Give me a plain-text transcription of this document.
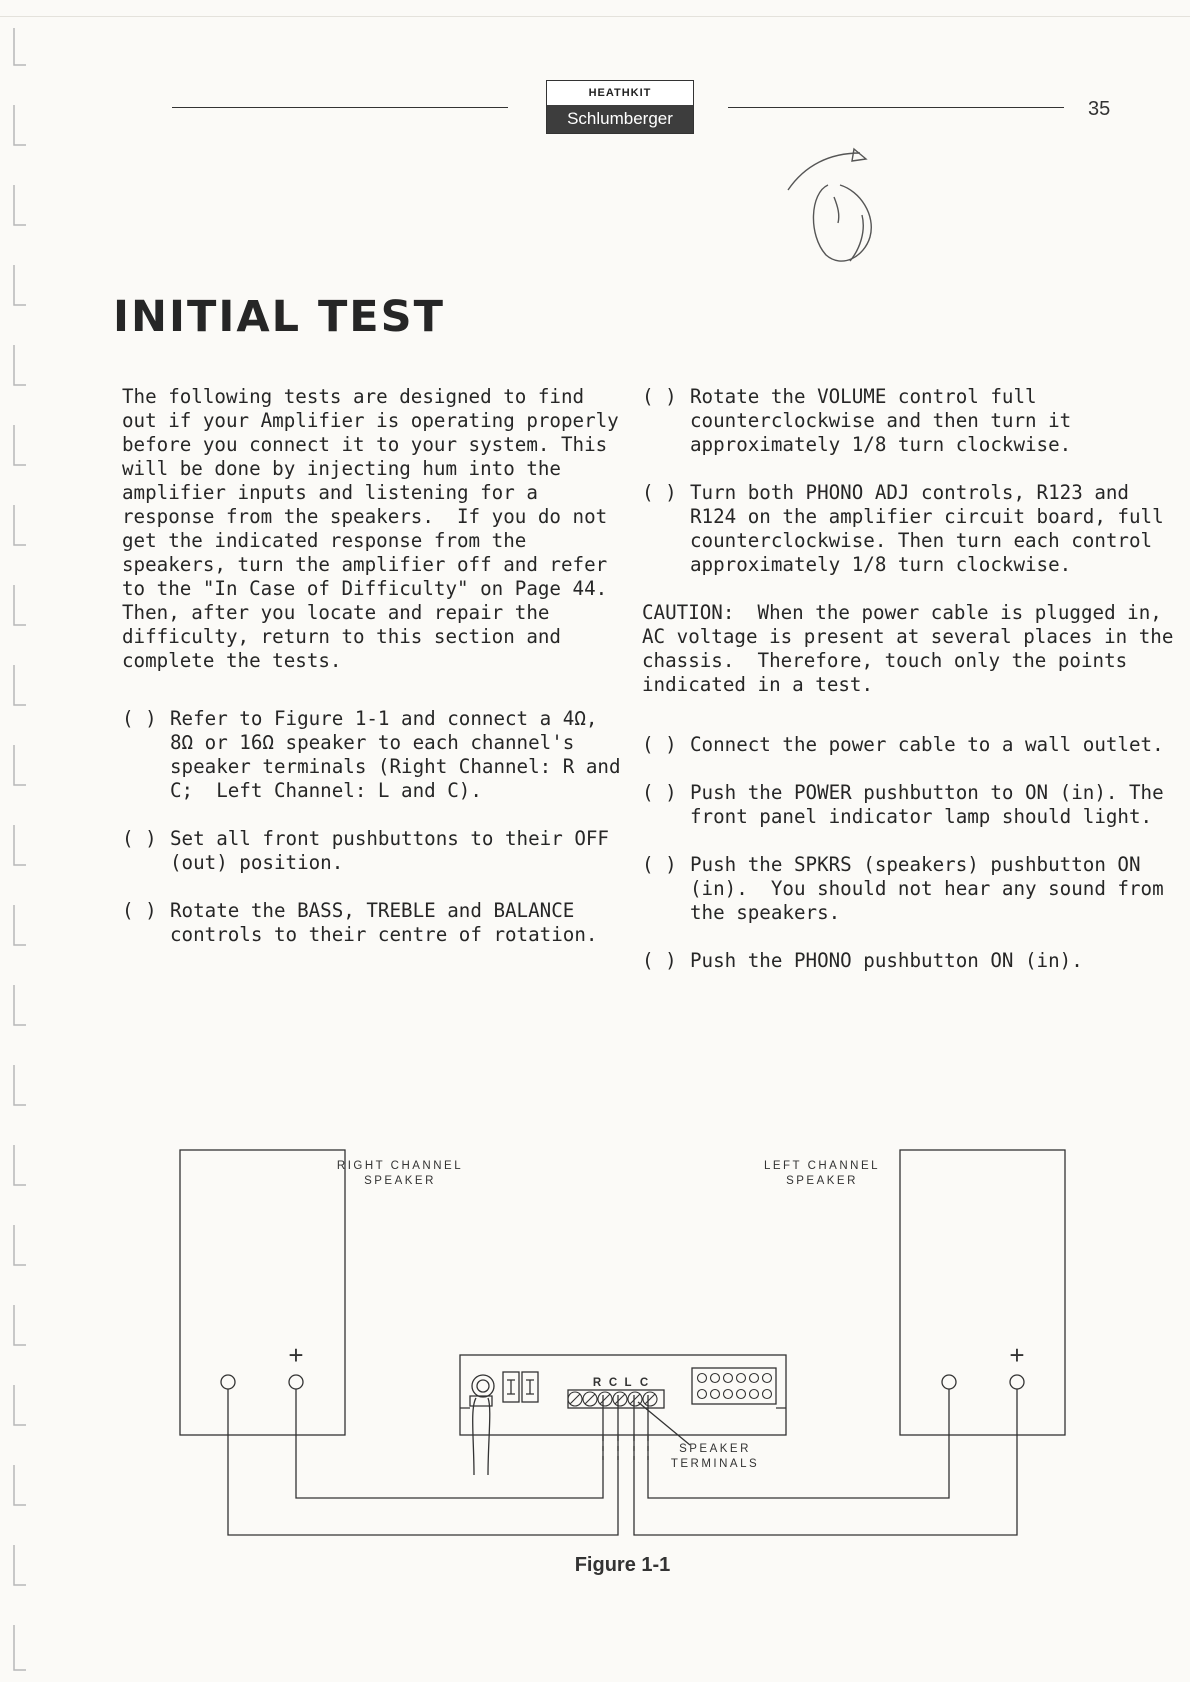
HEATHKIT
Schlumberger	35
INITIAL TEST

The following tests are designed to find out if your Amplifier is operating properly before you connect it to your system. This will be done by injecting hum into the amplifier inputs and listening for a response from the speakers.  If you do not get the indicated response from the speakers, turn the amplifier off and refer to the "In Case of Difficulty" on Page 44. Then, after you locate and repair the difficulty, return to this section and complete the tests.

( ) Refer to Figure 1-1 and connect a 4Ω, 8Ω or 16Ω speaker to each channel's speaker terminals (Right Channel: R and C;  Left Channel: L and C).
( ) Set all front pushbuttons to their OFF (out) position.
( ) Rotate the BASS, TREBLE and BALANCE controls to their centre of rotation.
( ) Rotate the VOLUME control full counterclockwise and then turn it approximately 1/8 turn clockwise.
( ) Turn both PHONO ADJ controls, R123 and R124 on the amplifier circuit board, full counterclockwise. Then turn each control approximately 1/8 turn clockwise.

CAUTION:  When the power cable is plugged in, AC voltage is present at several places in the chassis.  Therefore, touch only the points indicated in a test.

( ) Connect the power cable to a wall outlet.
( ) Push the POWER pushbutton to ON (in). The front panel indicator lamp should light.
( ) Push the SPKRS (speakers) pushbutton ON (in).  You should not hear any sound from the speakers.
( ) Push the PHONO pushbutton ON (in).
RIGHT CHANNEL
SPEAKER
LEFT CHANNEL
SPEAKER
R C L C
SPEAKER
TERMINALS
+	+
Figure 1-1
